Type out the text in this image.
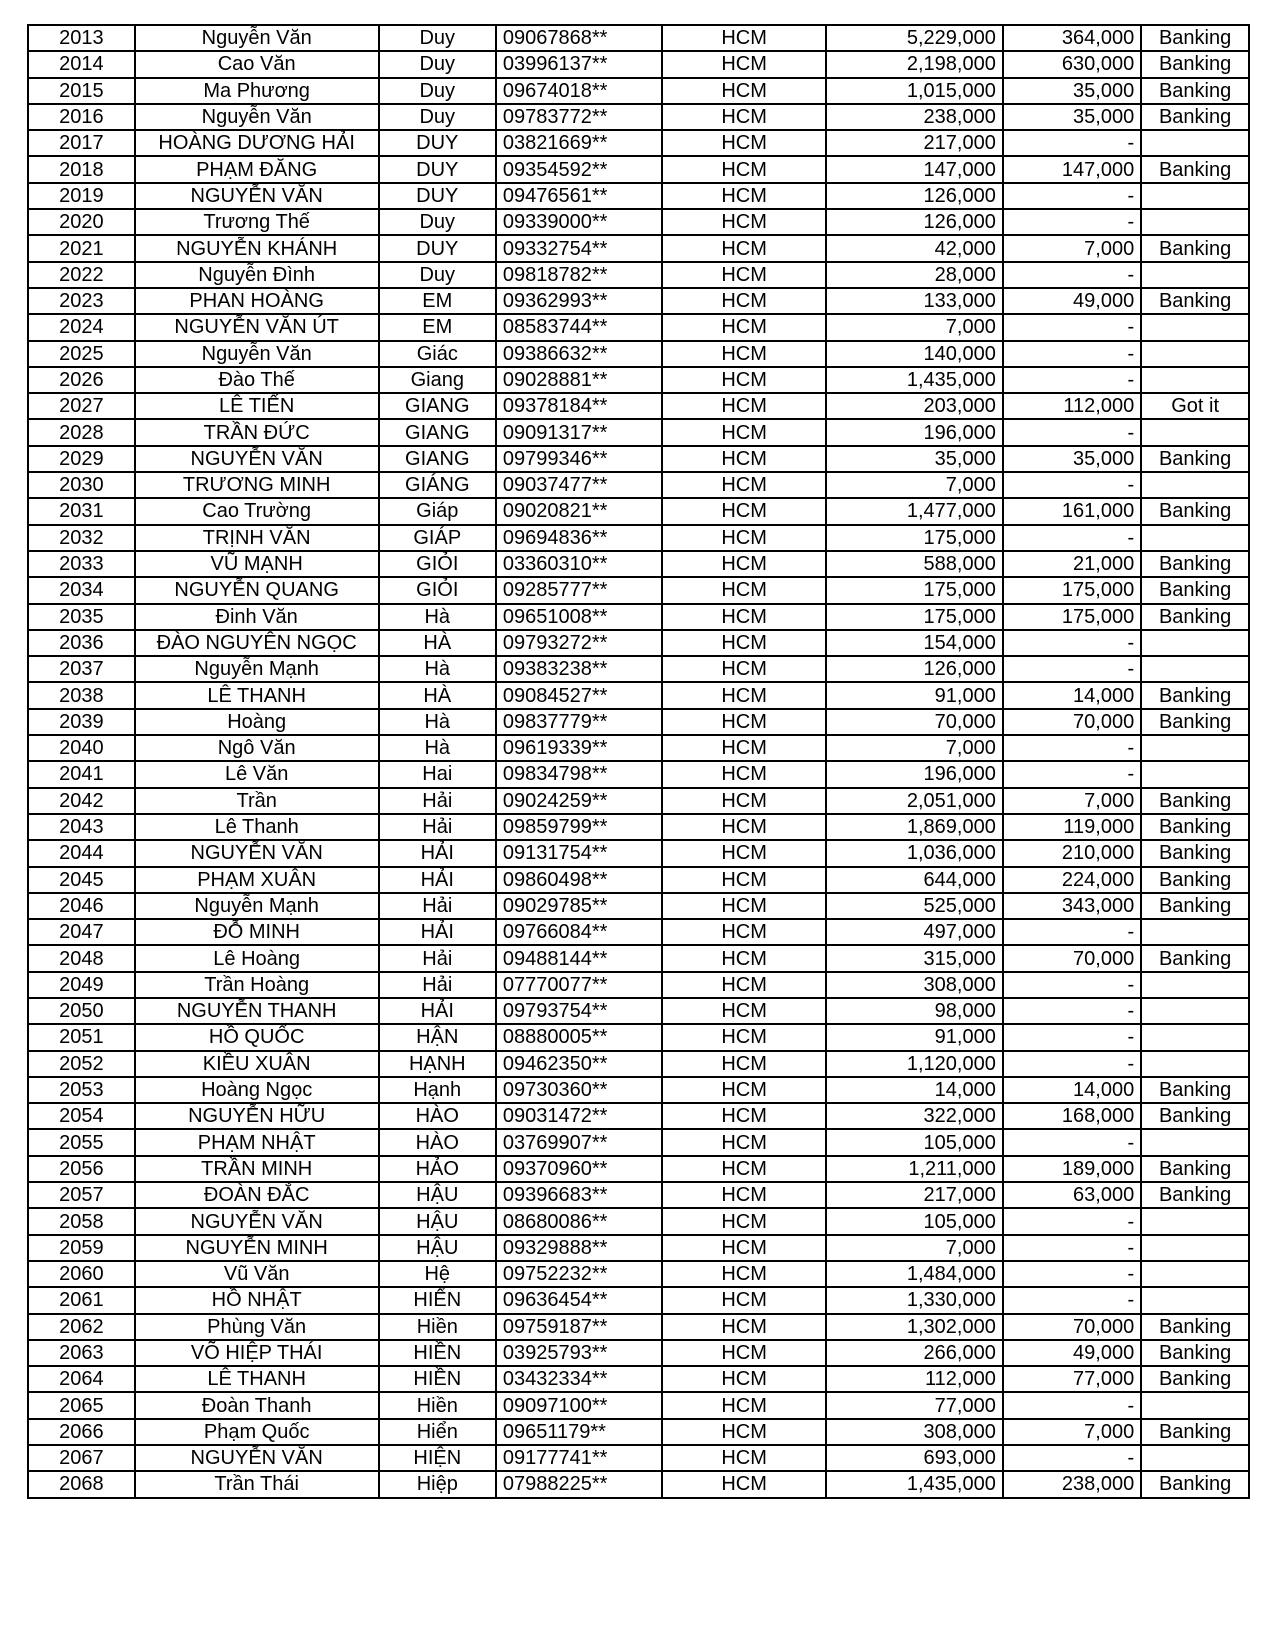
2013	Nguyễn Văn	Duy	09067868**	HCM	5,229,000	364,000	Banking
2014	Cao Văn	Duy	03996137**	HCM	2,198,000	630,000	Banking
2015	Ma Phương	Duy	09674018**	HCM	1,015,000	35,000	Banking
2016	Nguyễn Văn	Duy	09783772**	HCM	238,000	35,000	Banking
2017	HOÀNG DƯƠNG HẢI	DUY	03821669**	HCM	217,000	-	
2018	PHẠM ĐĂNG	DUY	09354592**	HCM	147,000	147,000	Banking
2019	NGUYỄN VĂN	DUY	09476561**	HCM	126,000	-	
2020	Trương Thế	Duy	09339000**	HCM	126,000	-	
2021	NGUYỄN KHÁNH	DUY	09332754**	HCM	42,000	7,000	Banking
2022	Nguyễn Đình	Duy	09818782**	HCM	28,000	-	
2023	PHAN HOÀNG	EM	09362993**	HCM	133,000	49,000	Banking
2024	NGUYỄN VĂN ÚT	EM	08583744**	HCM	7,000	-	
2025	Nguyễn Văn	Giác	09386632**	HCM	140,000	-	
2026	Đào Thế	Giang	09028881**	HCM	1,435,000	-	
2027	LÊ TIẾN	GIANG	09378184**	HCM	203,000	112,000	Got it
2028	TRẦN ĐỨC	GIANG	09091317**	HCM	196,000	-	
2029	NGUYỄN VĂN	GIANG	09799346**	HCM	35,000	35,000	Banking
2030	TRƯƠNG MINH	GIÁNG	09037477**	HCM	7,000	-	
2031	Cao Trường	Giáp	09020821**	HCM	1,477,000	161,000	Banking
2032	TRỊNH VĂN	GIÁP	09694836**	HCM	175,000	-	
2033	VŨ MẠNH	GIỎI	03360310**	HCM	588,000	21,000	Banking
2034	NGUYỄN QUANG	GIỎI	09285777**	HCM	175,000	175,000	Banking
2035	Đinh Văn	Hà	09651008**	HCM	175,000	175,000	Banking
2036	ĐÀO NGUYÊN NGỌC	HÀ	09793272**	HCM	154,000	-	
2037	Nguyễn Mạnh	Hà	09383238**	HCM	126,000	-	
2038	LÊ THANH	HÀ	09084527**	HCM	91,000	14,000	Banking
2039	Hoàng	Hà	09837779**	HCM	70,000	70,000	Banking
2040	Ngô Văn	Hà	09619339**	HCM	7,000	-	
2041	Lê Văn	Hai	09834798**	HCM	196,000	-	
2042	Trần	Hải	09024259**	HCM	2,051,000	7,000	Banking
2043	Lê Thanh	Hải	09859799**	HCM	1,869,000	119,000	Banking
2044	NGUYỄN VĂN	HẢI	09131754**	HCM	1,036,000	210,000	Banking
2045	PHẠM XUÂN	HẢI	09860498**	HCM	644,000	224,000	Banking
2046	Nguyễn Mạnh	Hải	09029785**	HCM	525,000	343,000	Banking
2047	ĐỖ MINH	HẢI	09766084**	HCM	497,000	-	
2048	Lê Hoàng	Hải	09488144**	HCM	315,000	70,000	Banking
2049	Trần Hoàng	Hải	07770077**	HCM	308,000	-	
2050	NGUYỄN THANH	HẢI	09793754**	HCM	98,000	-	
2051	HỒ QUỐC	HẬN	08880005**	HCM	91,000	-	
2052	KIỀU XUÂN	HẠNH	09462350**	HCM	1,120,000	-	
2053	Hoàng Ngọc	Hạnh	09730360**	HCM	14,000	14,000	Banking
2054	NGUYỄN HỮU	HÀO	09031472**	HCM	322,000	168,000	Banking
2055	PHẠM NHẬT	HÀO	03769907**	HCM	105,000	-	
2056	TRẦN MINH	HẢO	09370960**	HCM	1,211,000	189,000	Banking
2057	ĐOÀN ĐẮC	HẬU	09396683**	HCM	217,000	63,000	Banking
2058	NGUYỄN VĂN	HẬU	08680086**	HCM	105,000	-	
2059	NGUYỄN MINH	HẬU	09329888**	HCM	7,000	-	
2060	Vũ Văn	Hệ	09752232**	HCM	1,484,000	-	
2061	HỒ NHẬT	HIỂN	09636454**	HCM	1,330,000	-	
2062	Phùng Văn	Hiền	09759187**	HCM	1,302,000	70,000	Banking
2063	VÕ HIỆP THÁI	HIỀN	03925793**	HCM	266,000	49,000	Banking
2064	LÊ THANH	HIỀN	03432334**	HCM	112,000	77,000	Banking
2065	Đoàn Thanh	Hiền	09097100**	HCM	77,000	-	
2066	Phạm Quốc	Hiển	09651179**	HCM	308,000	7,000	Banking
2067	NGUYỄN VĂN	HIỆN	09177741**	HCM	693,000	-	
2068	Trần Thái	Hiệp	07988225**	HCM	1,435,000	238,000	Banking
